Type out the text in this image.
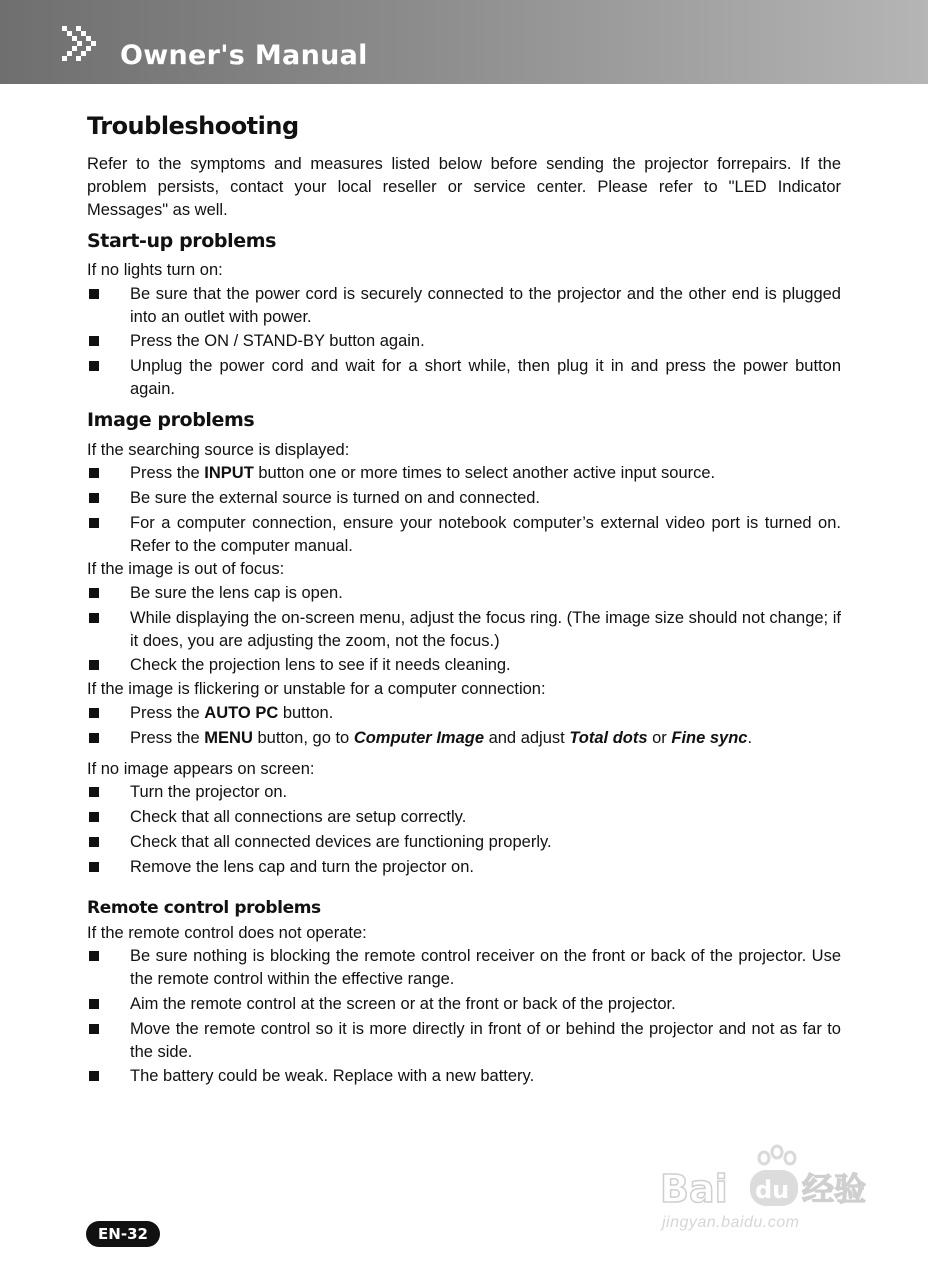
Owner's Manual
Troubleshooting

Refer to the symptoms and measures listed below before sending the projector forrepairs. If the problem persists, contact your local reseller or service center. Please refer to "LED Indicator Messages" as well.

Start-up problems

If no lights turn on:

Be sure that the power cord is securely connected to the projector and the other end is plugged into an outlet with power.
Press the ON / STAND-BY button again.
Unplug the power cord and wait for a short while, then plug it in and press the power button again.
Image problems

If the searching source is displayed:

Press the INPUT button one or more times to select another active input source.
Be sure the external source is turned on and connected.
For a computer connection, ensure your notebook computer’s external video port is turned on. Refer to the computer manual.

If the image is out of focus:

Be sure the lens cap is open.
While displaying the on-screen menu, adjust the focus ring. (The image size should not change; if it does, you are adjusting the zoom, not the focus.)
Check the projection lens to see if it needs cleaning.

If the image is flickering or unstable for a computer connection:

Press the AUTO PC button.
Press the MENU button, go to Computer Image and adjust Total dots or Fine sync.

If no image appears on screen:

Turn the projector on.
Check that all connections are setup correctly.
Check that all connected devices are functioning properly.
Remove the lens cap and turn the projector on.
Remote control problems

If the remote control does not operate:

Be sure nothing is blocking the remote control receiver on the front or back of the projector. Use the remote control within the effective range.
Aim the remote control at the screen or at the front or back of the projector.
Move the remote control so it is more directly in front of or behind the projector and not as far to the side.
The battery could be weak. Replace with a new battery.
Bai du 经验
jingyan.baidu.com
EN-32
